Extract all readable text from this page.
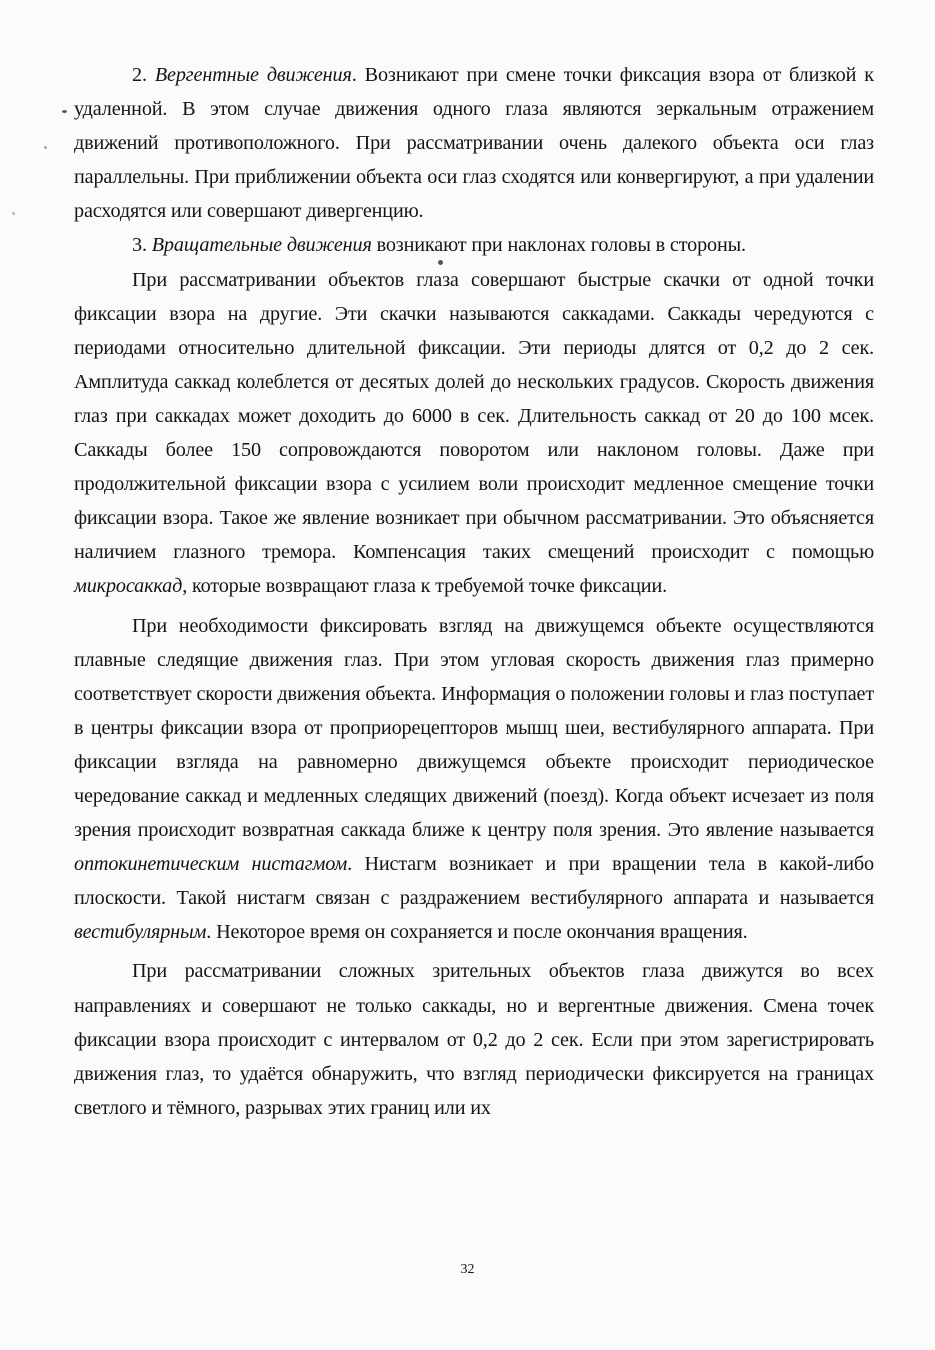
2. Вергентные движения. Возникают при смене точки фиксация взора от близкой к удаленной. В этом случае движения одного глаза являются зеркальным отражением движений противоположного. При рассматривании очень далекого объекта оси глаз параллельны. При приближении объекта оси глаз сходятся или конвергируют, а при удалении расходятся или совершают дивергенцию.

3. Вращательные движения возникают при наклонах головы в стороны.

При рассматривании объектов глаза совершают быстрые скачки от одной точки фиксации взора на другие. Эти скачки называются саккадами. Саккады чередуются с периодами относительно длительной фиксации. Эти периоды длятся от 0,2 до 2 сек. Амплитуда саккад колеблется от десятых долей до нескольких градусов. Скорость движения глаз при саккадах может доходить до 6000 в сек. Длительность саккад от 20 до 100 мсек. Саккады более 150 сопровождаются поворотом или наклоном головы. Даже при продолжительной фиксации взора с усилием воли происходит медленное смещение точки фиксации взора. Такое же явление возникает при обычном рассматривании. Это объясняется наличием глазного тремора. Компенсация таких смещений происходит с помощью микросаккад, которые возвращают глаза к требуемой точке фиксации.

При необходимости фиксировать взгляд на движущемся объекте осуществляются плавные следящие движения глаз. При этом угловая скорость движения глаз примерно соответствует скорости движения объекта. Информация о положении головы и глаз поступает в центры фиксации взора от проприорецепторов мышц шеи, вестибулярного аппарата. При фиксации взгляда на равномерно движущемся объекте происходит периодическое чередование саккад и медленных следящих движений (поезд). Когда объект исчезает из поля зрения происходит возвратная саккада ближе к центру поля зрения. Это явление называется оптокинетическим нистагмом. Нистагм возникает и при вращении тела в какой-либо плоскости. Такой нистагм связан с раздражением вестибулярного аппарата и называется вестибулярным. Некоторое время он сохраняется и после окончания вращения.

При рассматривании сложных зрительных объектов глаза движутся во всех направлениях и совершают не только саккады, но и вергентные движения. Смена точек фиксации взора происходит с интервалом от 0,2 до 2 сек. Если при этом зарегистрировать движения глаз, то удаётся обнаружить, что взгляд периодически фиксируется на границах светлого и тёмного, разрывах этих границ или их

32
